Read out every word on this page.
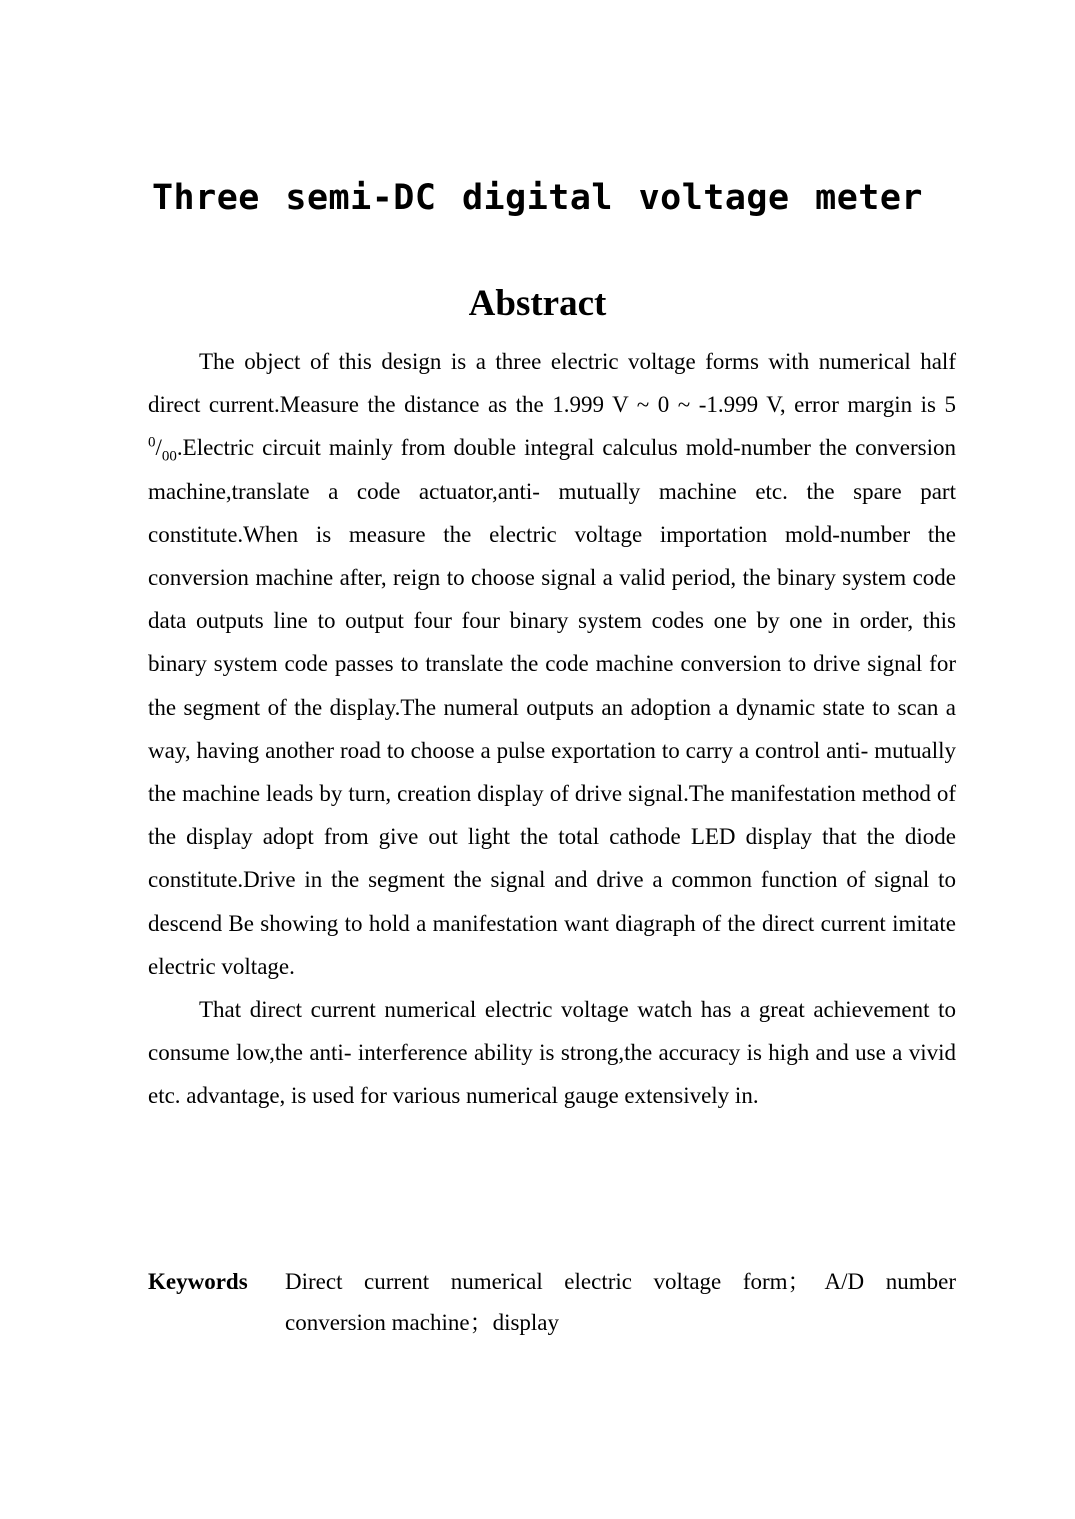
Three semi-DC digital voltage meter
Abstract

The object of this design is a three electric voltage forms with numerical half direct current.Measure the distance as the 1.999 V ~ 0 ~ -1.999 V, error margin is 5 $^0/_{00}.Electric$ circuit mainly from double integral calculus mold-number the conversion machine,translate a code actuator,anti- mutually machine etc. the spare part constitute.When is measure the electric voltage importation mold-number the conversion machine after, reign to choose signal a valid period, the binary system code data outputs line to output four four binary system codes one by one in order, this binary system code passes to translate the code machine conversion to drive signal for the segment of the display.The numeral outputs an adoption a dynamic state to scan a way, having another road to choose a pulse exportation to carry a control anti- mutually the machine leads by turn, creation display of drive signal.The manifestation method of the display adopt from give out light the total cathode LED display that the diode constitute.Drive in the segment the signal and drive a common function of signal to descend Be showing to hold a manifestation want diagraph of the direct current imitate electric voltage.

That direct current numerical electric voltage watch has a great achievement to consume low,the anti- interference ability is strong,the accuracy is high and use a vivid etc. advantage, is used for various numerical gauge extensively in.

Keywords	Direct current numerical electric voltage form； A/D number conversion machine；display
